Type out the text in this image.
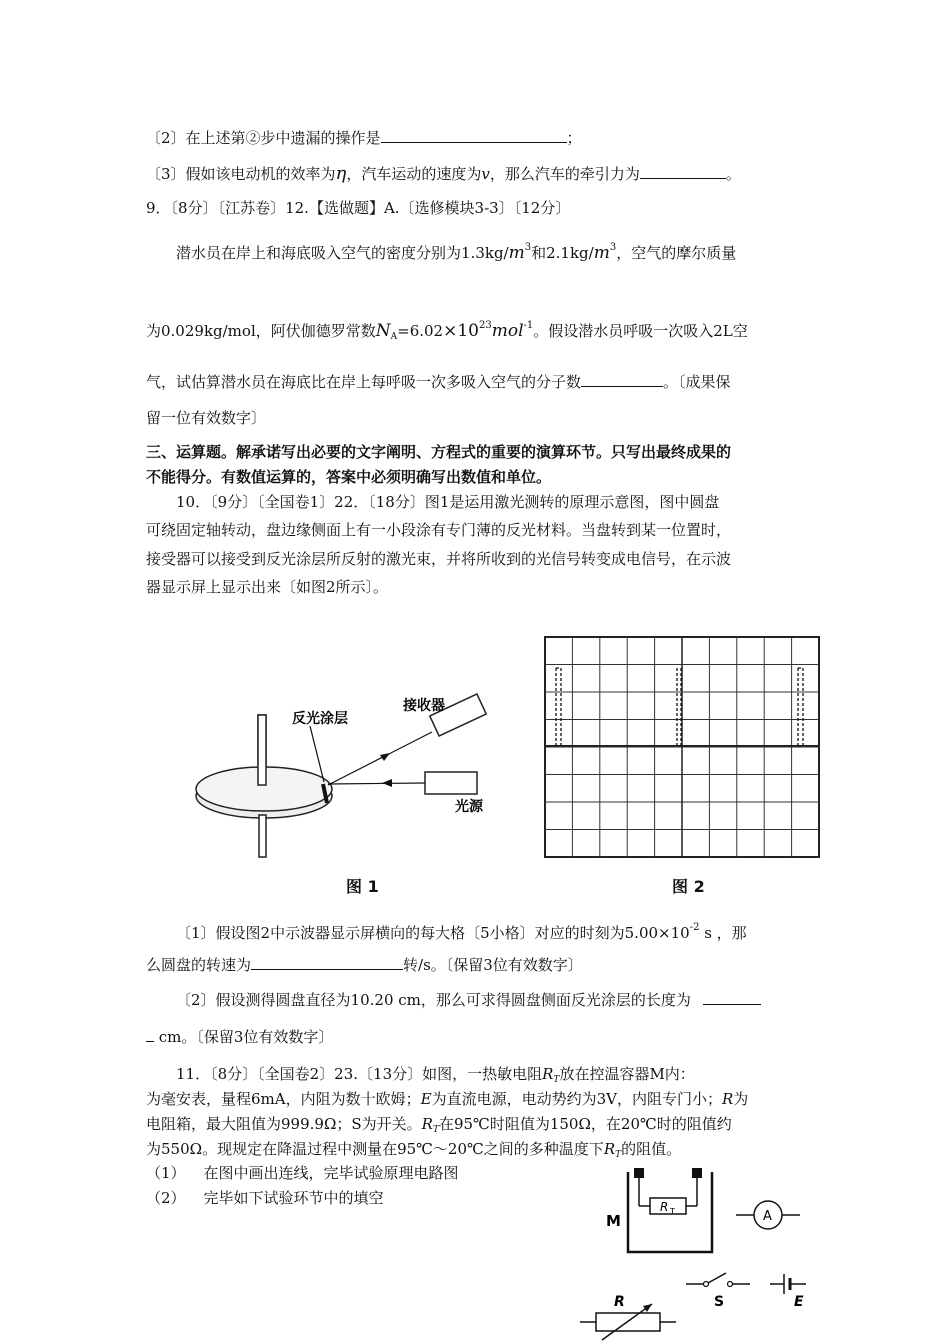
〔2〕在上述第②步中遗漏的操作是	；
〔3〕假如该电动机的效率为η，汽车运动的速度为v，那么汽车的牵引力为	。
9．〔8分〕〔江苏卷〕12.【选做题】A.〔选修模块3-3〕〔12分〕
潜水员在岸上和海底吸入空气的密度分别为$1.3kg/m^3$和$2.1kg/m^3$，空气的摩尔质量
为0.029kg/mol，阿伏伽德罗常数$N_A=6.02\times 10^{23}mol^{-1}$。假设潜水员呼吸一次吸入2L空
气，试估算潜水员在海底比在岸上每呼吸一次多吸入空气的分子数	。〔成果保
留一位有效数字〕
三、运算题。解承诺写出必要的文字阐明、方程式的重要的演算环节。只写出最终成果的
不能得分。有数值运算的，答案中必须明确写出数值和单位。
10．〔9分〕〔全国卷1〕22．〔18分〕图1是运用激光测转的原理示意图，图中圆盘
可绕固定轴转动，盘边缘侧面上有一小段涂有专门薄的反光材料。当盘转到某一位置时，
接受器可以接受到反光涂层所反射的激光束，并将所收到的光信号转变成电信号，在示波
器显示屏上显示出来〔如图2所示〕。
反光涂层
接收器
光源
图 1	图 2
〔1〕假设图2中示波器显示屏横向的每大格〔5小格〕对应的时刻为$5.00\times 10^{-2}$ s ，那
么圆盘的转速为	转/s。〔保留3位有效数字〕
〔2〕假设测得圆盘直径为10.20 cm，那么可求得圆盘侧面反光涂层的长度为
cm。〔保留3位有效数字〕
11．〔8分〕〔全国卷2〕23.〔13分〕如图，一热敏电阻$R_T$放在控温容器M内：
为毫安表，量程6mA，内阻为数十欧姆；E为直流电源，电动势约为3V，内阻专门小；R为
电阻箱，最大阻值为999.9Ω；S为开关。$R_T$在95℃时阻值为150Ω，在20℃时的阻值约
为550Ω。现规定在降温过程中测量在95℃～20℃之间的多种温度下$R_T$的阻值。
（1） 在图中画出连线，完毕试验原理电路图
（2） 完毕如下试验环节中的填空	R T
M	A
S	E
R
